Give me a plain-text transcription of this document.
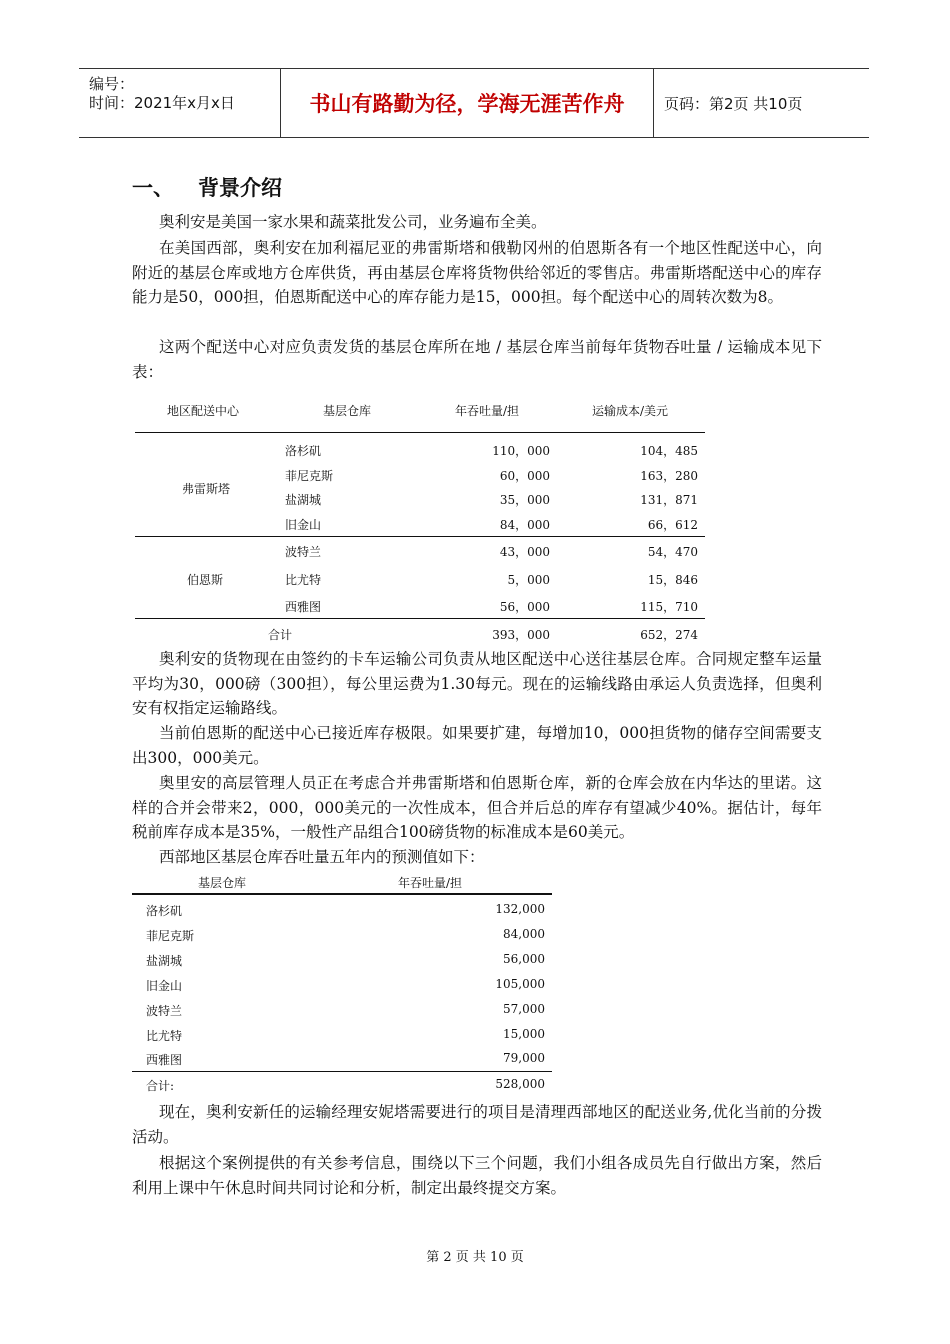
编号：
时间：2021年x月x日	书山有路勤为径，学海无涯苦作舟	页码：第2页 共10页
一、 背景介绍
奥利安是美国一家水果和蔬菜批发公司，业务遍布全美。
在美国西部，奥利安在加利福尼亚的弗雷斯塔和俄勒冈州的伯恩斯各有一个地区性配送中心，向附近的基层仓库或地方仓库供货，再由基层仓库将货物供给邻近的零售店。弗雷斯塔配送中心的库存能力是50，000担，伯恩斯配送中心的库存能力是15，000担。每个配送中心的周转次数为8。
这两个配送中心对应负责发货的基层仓库所在地 / 基层仓库当前每年货物吞吐量 / 运输成本见下表：
地区配送中心	基层仓库	年吞吐量/担	运输成本/美元
弗雷斯塔
洛杉矶	110，000	104，485
菲尼克斯	60，000	163，280
盐湖城	35，000	131，871
旧金山	84，000	66，612
伯恩斯
波特兰	43，000	54，470
比尤特	5，000	15，846
西雅图	56，000	115，710
合计	393，000	652，274
奥利安的货物现在由签约的卡车运输公司负责从地区配送中心送往基层仓库。合同规定整车运量平均为30，000磅（300担），每公里运费为1.30每元。现在的运输线路由承运人负责选择，但奥利安有权指定运输路线。
当前伯恩斯的配送中心已接近库存极限。如果要扩建，每增加10，000担货物的储存空间需要支出300，000美元。
奥里安的高层管理人员正在考虑合并弗雷斯塔和伯恩斯仓库，新的仓库会放在内华达的里诺。这样的合并会带来2，000，000美元的一次性成本，但合并后总的库存有望减少40%。据估计，每年税前库存成本是35%，一般性产品组合100磅货物的标准成本是60美元。
西部地区基层仓库吞吐量五年内的预测值如下：
基层仓库	年吞吐量/担
洛杉矶	132,000
菲尼克斯	84,000
盐湖城	56,000
旧金山	105,000
波特兰	57,000
比尤特	15,000
西雅图	79,000
合计:	528,000
现在，奥利安新任的运输经理安妮塔需要进行的项目是清理西部地区的配送业务,优化当前的分拨活动。
根据这个案例提供的有关参考信息，围绕以下三个问题，我们小组各成员先自行做出方案，然后利用上课中午休息时间共同讨论和分析，制定出最终提交方案。
第 2 页 共 10 页
